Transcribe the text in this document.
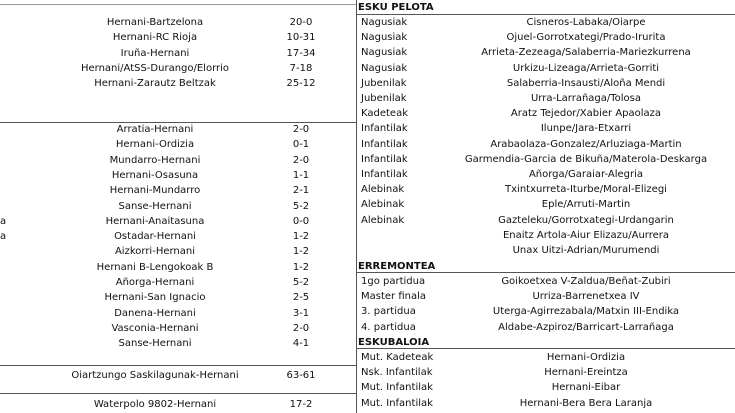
Hernani-Bartzelona	20-0
Hernani-RC Rioja	10-31
Iruña-Hernani	17-34
Hernani/AtSS-Durango/Elorrio	7-18
Hernani-Zarautz Beltzak	25-12
Arratia-Hernani	2-0
Hernani-Ordizia	0-1
Mundarro-Hernani	2-0
Hernani-Osasuna	1-1
Hernani-Mundarro	2-1
Sanse-Hernani	5-2
a	Hernani-Anaitasuna	0-0
a	Ostadar-Hernani	1-2
Aizkorri-Hernani	1-2
Hernani B-Lengokoak B	1-2
Añorga-Hernani	5-2
Hernani-San Ignacio	2-5
Danena-Hernani	3-1
Vasconia-Hernani	2-0
Sanse-Hernani	4-1
Oiartzungo Saskilagunak-Hernani	63-61
Waterpolo 9802-Hernani	17-2
ESKU PELOTA
Nagusiak	Cisneros-Labaka/Oiarpe
Nagusiak	Ojuel-Gorrotxategi/Prado-Irurita
Nagusiak	Arrieta-Zezeaga/Salaberria-Mariezkurrena
Nagusiak	Urkizu-Lizeaga/Arrieta-Gorriti
Jubenilak	Salaberria-Insausti/Aloña Mendi
Jubenilak	Urra-Larrañaga/Tolosa
Kadeteak	Aratz Tejedor/Xabier Apaolaza
Infantilak	Ilunpe/Jara-Etxarri
Infantilak	Arabaolaza-Gonzalez/Arluziaga-Martin
Infantilak	Garmendia-Garcia de Bikuña/Materola-Deskarga
Infantilak	Añorga/Garaiar-Alegria
Alebinak	Txintxurreta-Iturbe/Moral-Elizegi
Alebinak	Eple/Arruti-Martin
Alebinak	Gazteleku/Gorrotxategi-Urdangarin
Enaitz Artola-Aiur Elizazu/Aurrera
Unax Uitzi-Adrian/Murumendi
ERREMONTEA
1go partidua	Goikoetxea V-Zaldua/Beñat-Zubiri
Master finala	Urriza-Barrenetxea IV
3. partidua	Uterga-Agirrezabala/Matxin III-Endika
4. partidua	Aldabe-Azpiroz/Barricart-Larrañaga
ESKUBALOIA
Mut. Kadeteak	Hernani-Ordizia
Nsk. Infantilak	Hernani-Ereintza
Mut. Infantilak	Hernani-Eibar
Mut. Infantilak	Hernani-Bera Bera Laranja
